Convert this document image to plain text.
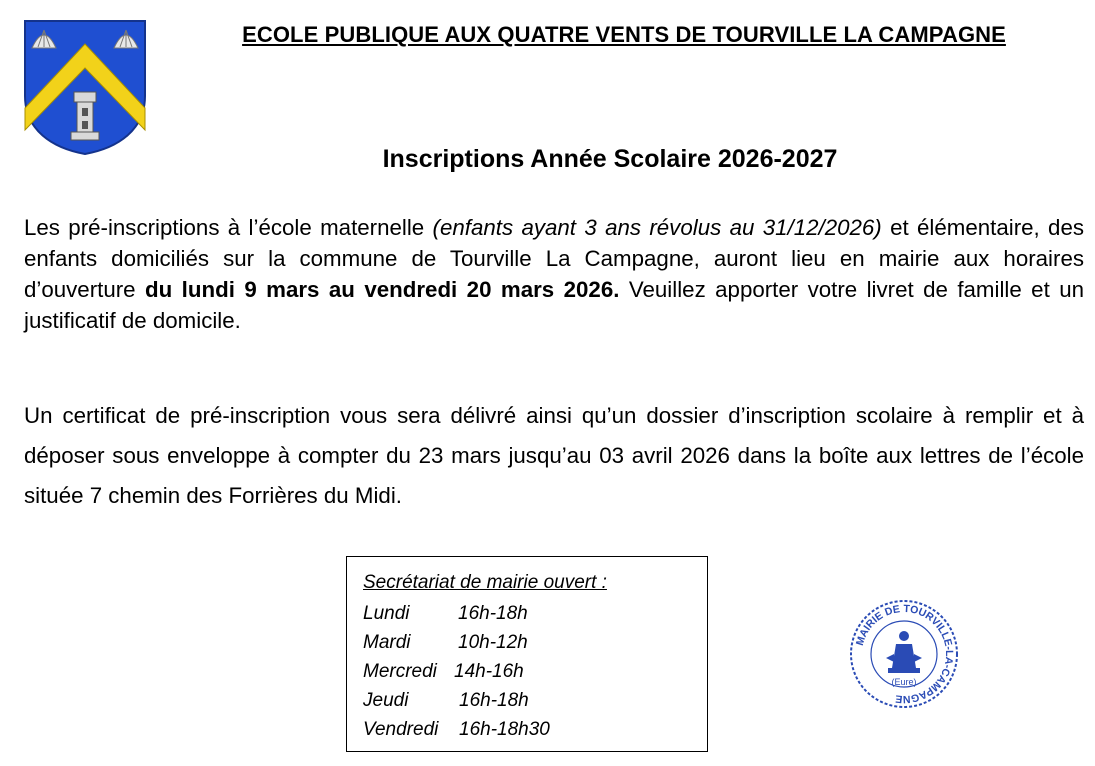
ECOLE PUBLIQUE AUX QUATRE VENTS DE TOURVILLE LA CAMPAGNE
Inscriptions Année Scolaire 2026-2027

Les pré-inscriptions à l’école maternelle (enfants ayant 3 ans révolus au 31/12/2026) et élémentaire, des enfants domiciliés sur la commune de Tourville La Campagne, auront lieu en mairie aux horaires d’ouverture du lundi 9 mars au vendredi 20 mars 2026. Veuillez apporter votre livret de famille et un justificatif de domicile.

Un certificat de pré-inscription vous sera délivré ainsi qu’un dossier d’inscription scolaire à remplir et à déposer sous enveloppe à compter du 23 mars jusqu’au 03 avril 2026 dans la boîte aux lettres de l’école située 7 chemin des Forrières du Midi.

Secrétariat de mairie ouvert :
Lundi	16h-18h
Mardi	10h-12h
Mercredi 14h-16h
Jeudi	16h-18h
Vendredi	16h-18h30
MAIRIE DE TOURVILLE-LA-CAMPAGNE
(Eure)
